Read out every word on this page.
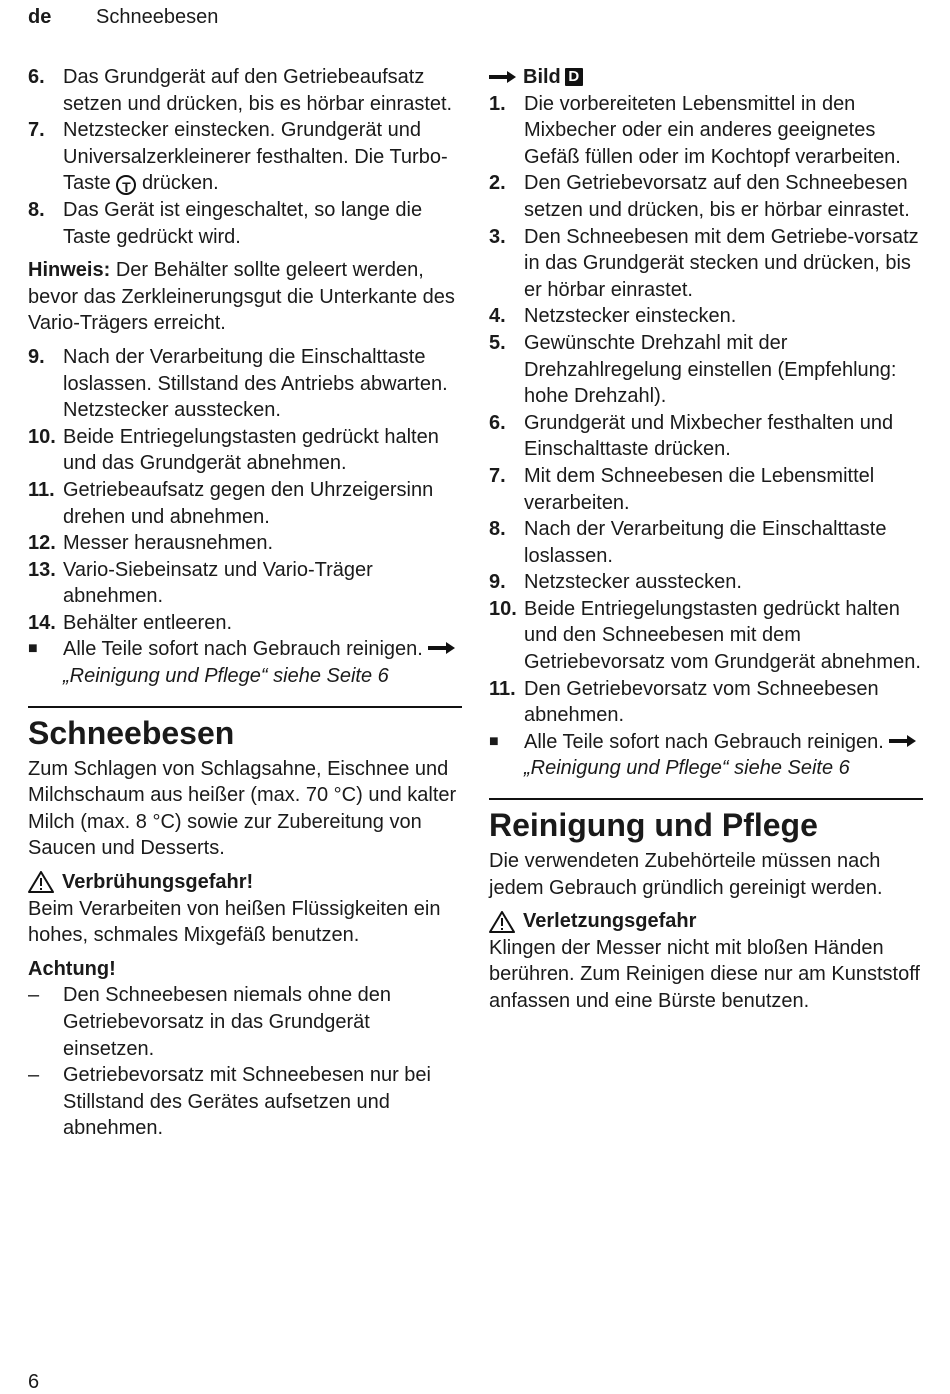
de Schneebesen
6. Das Grundgerät auf den Getriebeaufsatz setzen und drücken, bis es hörbar einrastet.
7. Netzstecker einstecken. Grundgerät und Universalzerkleinerer festhalten. Die Turbo-Taste T drücken.
8. Das Gerät ist eingeschaltet, so lange die Taste gedrückt wird.
Hinweis: Der Behälter sollte geleert werden, bevor das Zerkleinerungsgut die Unterkante des Vario-Trägers erreicht.
9. Nach der Verarbeitung die Einschalttaste loslassen. Stillstand des Antriebs abwarten. Netzstecker ausstecken.
10. Beide Entriegelungstasten gedrückt halten und das Grundgerät abnehmen.
11. Getriebeaufsatz gegen den Uhrzeigersinn drehen und abnehmen.
12. Messer herausnehmen.
13. Vario-Siebeinsatz und Vario-Träger abnehmen.
14. Behälter entleeren.
■	Alle Teile sofort nach Gebrauch reinigen.  „Reinigung und Pflege“ siehe Seite 6
Schneebesen
Zum Schlagen von Schlagsahne, Eischnee und Milchschaum aus heißer (max. 70 °C) und kalter Milch (max. 8 °C) sowie zur Zubereitung von Saucen und Desserts.
Verbrühungsgefahr!
Beim Verarbeiten von heißen Flüssigkeiten ein hohes, schmales Mixgefäß benutzen.
Achtung!
–	Den Schneebesen niemals ohne den Getriebevorsatz in das Grundgerät einsetzen.
–	Getriebevorsatz mit Schneebesen nur bei Stillstand des Gerätes aufsetzen und abnehmen.
Bild D
1. Die vorbereiteten Lebensmittel in den Mixbecher oder ein anderes geeignetes Gefäß füllen oder im Kochtopf verarbeiten.
2. Den Getriebevorsatz auf den Schneebesen setzen und drücken, bis er hörbar einrastet.
3. Den Schneebesen mit dem Getriebe-vorsatz in das Grundgerät stecken und drücken, bis er hörbar einrastet.
4. Netzstecker einstecken.
5. Gewünschte Drehzahl mit der Drehzahlregelung einstellen (Empfehlung: hohe Drehzahl).
6. Grundgerät und Mixbecher festhalten und Einschalttaste drücken.
7. Mit dem Schneebesen die Lebensmittel verarbeiten.
8. Nach der Verarbeitung die Einschalttaste loslassen.
9. Netzstecker ausstecken.
10. Beide Entriegelungstasten gedrückt halten und den Schneebesen mit dem Getriebevorsatz vom Grundgerät abnehmen.
11. Den Getriebevorsatz vom Schneebesen abnehmen.
■	Alle Teile sofort nach Gebrauch reinigen.  „Reinigung und Pflege“ siehe Seite 6
Reinigung und Pflege
Die verwendeten Zubehörteile müssen nach jedem Gebrauch gründlich gereinigt werden.
Verletzungsgefahr
Klingen der Messer nicht mit bloßen Händen berühren. Zum Reinigen diese nur am Kunststoff anfassen und eine Bürste benutzen.
6
